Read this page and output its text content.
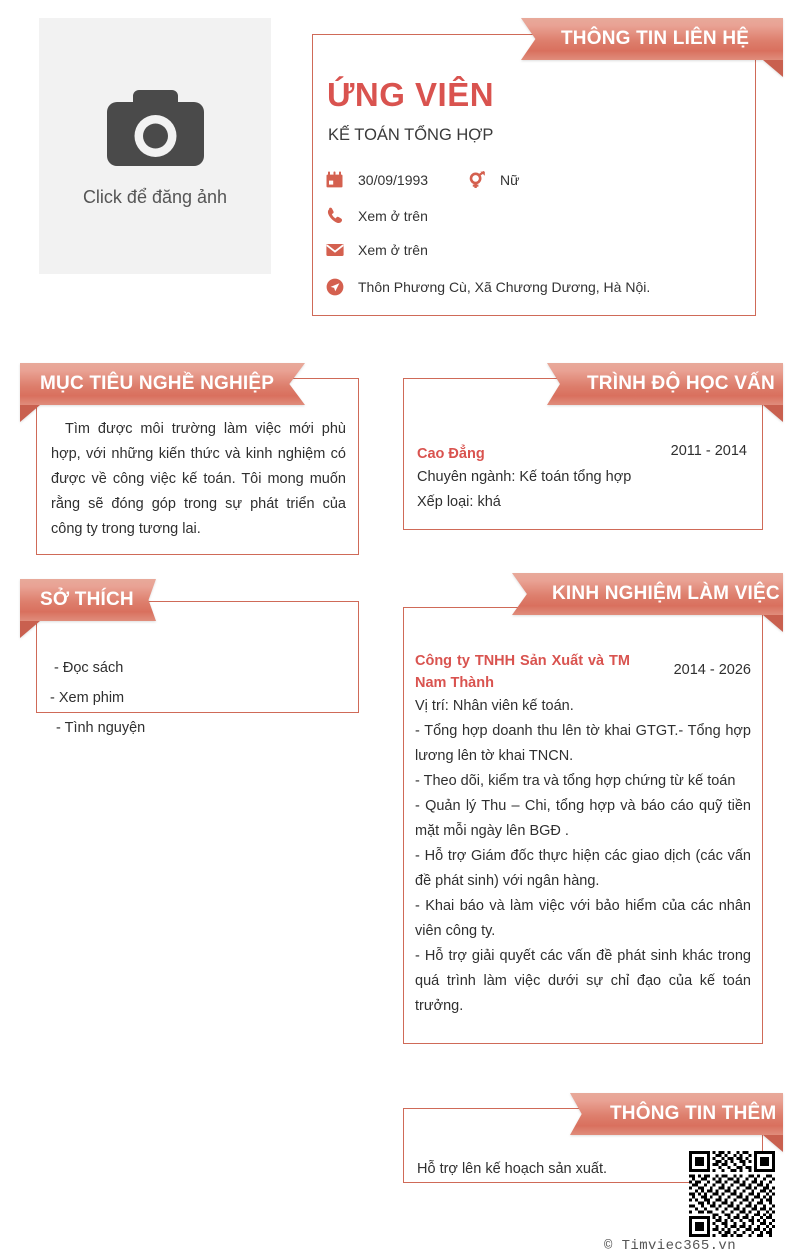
Click để đăng ảnh
THÔNG TIN LIÊN HỆ
ỨNG VIÊN
KẾ TOÁN TỔNG HỢP
30/09/1993	Nữ
Xem ở trên
Xem ở trên
Thôn Phương Cù, Xã Chương Dương, Hà Nội.
MỤC TIÊU NGHỀ NGHIỆP
Tìm được môi trường làm việc mới phù hợp, với những kiến thức và kinh nghiệm có được về công việc kế toán. Tôi mong muốn rằng sẽ đóng góp trong sự phát triển của công ty trong tương lai.
TRÌNH ĐỘ HỌC VẤN
Cao Đẳng	2011 - 2014
Chuyên ngành: Kế toán tổng hợp
Xếp loại: khá
SỞ THÍCH
- Đọc sách
- Xem phim
- Tình nguyện
KINH NGHIỆM LÀM VIỆC
Công ty TNHH Sản Xuất và TM Nam Thành
2014 - 2026
Vị trí: Nhân viên kế toán.
- Tổng hợp doanh thu lên tờ khai GTGT.- Tổng hợp lương lên tờ khai TNCN.
- Theo dõi, kiểm tra và tổng hợp chứng từ kế toán
- Quản lý Thu – Chi, tổng hợp và báo cáo quỹ tiền mặt mỗi ngày lên BGĐ .
- Hỗ trợ Giám đốc thực hiện các giao dịch (các vấn đề phát sinh) với ngân hàng.
- Khai báo và làm việc với bảo hiểm của các nhân viên công ty.
- Hỗ trợ giải quyết các vấn đề phát sinh khác trong quá trình làm việc dưới sự chỉ đạo của kế toán trưởng.
THÔNG TIN THÊM
Hỗ trợ lên kế hoạch sản xuất.
© Timviec365.vn
